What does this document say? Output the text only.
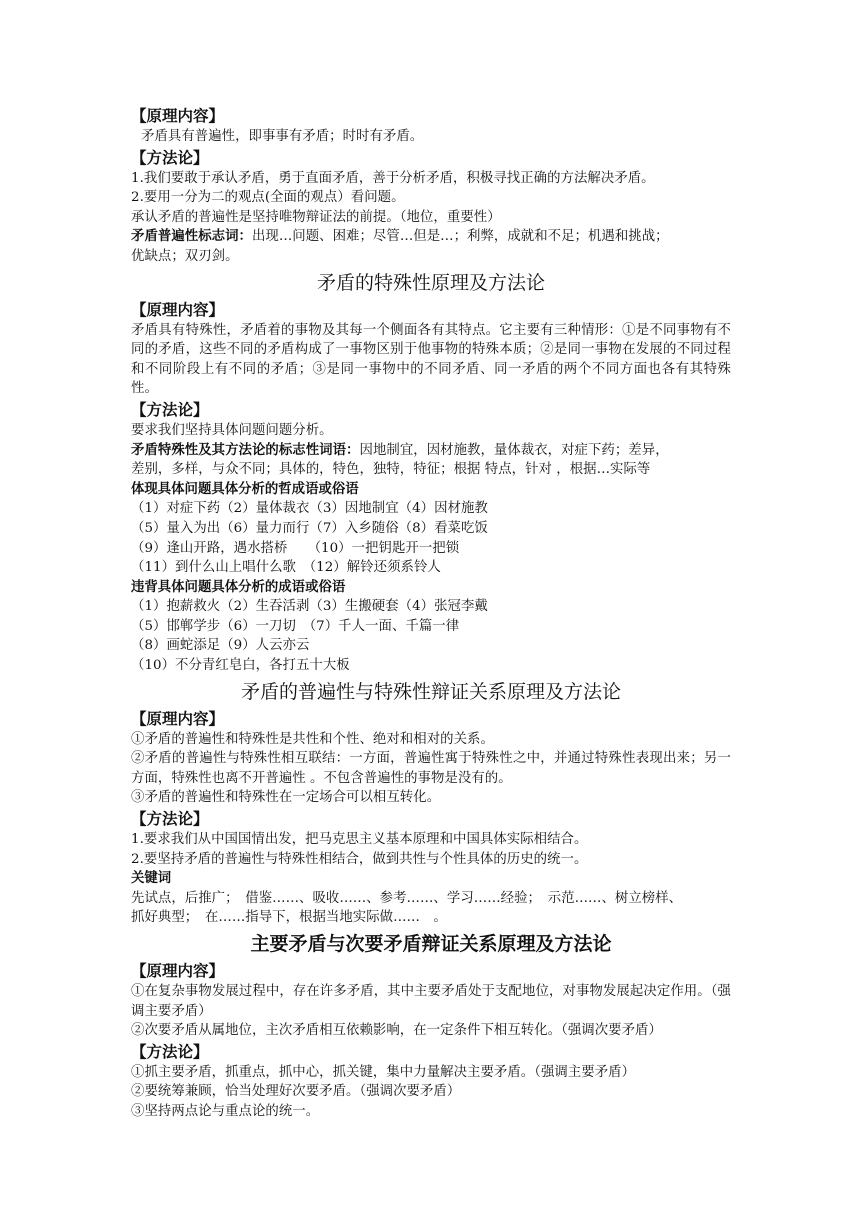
【原理内容】
矛盾具有普遍性，即事事有矛盾；时时有矛盾。
【方法论】
1.我们要敢于承认矛盾，勇于直面矛盾，善于分析矛盾，积极寻找正确的方法解决矛盾。
2.要用一分为二的观点(全面的观点）看问题。
承认矛盾的普遍性是坚持唯物辩证法的前提。（地位，重要性）
矛盾普遍性标志词：出现…问题、困难；尽管…但是…；利弊，成就和不足；机遇和挑战；
优缺点；双刃剑。
矛盾的特殊性原理及方法论
【原理内容】
矛盾具有特殊性，矛盾着的事物及其每一个侧面各有其特点。它主要有三种情形：①是不同事物有不同的矛盾，这些不同的矛盾构成了一事物区别于他事物的特殊本质；②是同一事物在发展的不同过程和不同阶段上有不同的矛盾；③是同一事物中的不同矛盾、同一矛盾的两个不同方面也各有其特殊性。
【方法论】
要求我们坚持具体问题问题分析。
矛盾特殊性及其方法论的标志性词语：因地制宜，因材施教，量体裁衣，对症下药；差异，
差别，多样，与众不同；具体的，特色，独特，特征；根据 特点，针对 ，根据…实际等
体现具体问题具体分析的哲成语或俗语
（1）对症下药（2）量体裁衣（3）因地制宜（4）因材施教
（5）量入为出（6）量力而行（7）入乡随俗（8）看菜吃饭
（9）逢山开路，遇水搭桥　　（10）一把钥匙开一把锁
（11）到什么山上唱什么歌　（12）解铃还须系铃人
违背具体问题具体分析的成语或俗语
（1）抱薪救火（2）生吞活剥（3）生搬硬套（4）张冠李戴
（5）邯郸学步（6）一刀切　（7）千人一面、千篇一律
（8）画蛇添足（9）人云亦云
（10）不分青红皂白，各打五十大板
矛盾的普遍性与特殊性辩证关系原理及方法论
【原理内容】
①矛盾的普遍性和特殊性是共性和个性、绝对和相对的关系。
②矛盾的普遍性与特殊性相互联结：一方面，普遍性寓于特殊性之中，并通过特殊性表现出来；另一方面，特殊性也离不开普遍性 。不包含普遍性的事物是没有的。
③矛盾的普遍性和特殊性在一定场合可以相互转化。
【方法论】
1.要求我们从中国国情出发，把马克思主义基本原理和中国具体实际相结合。
2.要坚持矛盾的普遍性与特殊性相结合，做到共性与个性具体的历史的统一。
关键词
先试点，后推广；　借鉴……、吸收……、参考……、学习……经验；　示范……、树立榜样、
抓好典型；　在……指导下，根据当地实际做……　。
主要矛盾与次要矛盾辩证关系原理及方法论
【原理内容】
①在复杂事物发展过程中，存在许多矛盾，其中主要矛盾处于支配地位，对事物发展起决定作用。（强调主要矛盾）
②次要矛盾从属地位，主次矛盾相互依赖影响，在一定条件下相互转化。（强调次要矛盾）
【方法论】
①抓主要矛盾，抓重点，抓中心，抓关键，集中力量解决主要矛盾。（强调主要矛盾）
②要统筹兼顾，恰当处理好次要矛盾。（强调次要矛盾）
③坚持两点论与重点论的统一。
